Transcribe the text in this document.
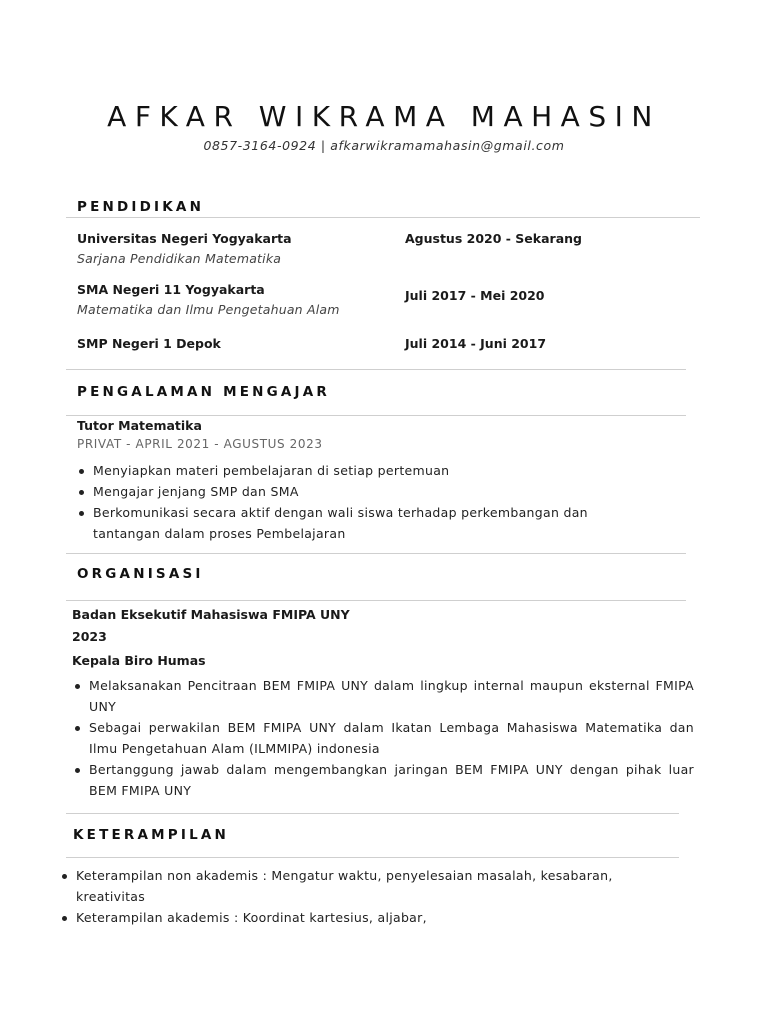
AFKAR WIKRAMA MAHASIN
0857-3164-0924 | afkarwikramamahasin@gmail.com
PENDIDIKAN
Universitas Negeri Yogyakarta
Sarjana Pendidikan Matematika
Agustus 2020 - Sekarang
SMA Negeri 11 Yogyakarta
Matematika dan Ilmu Pengetahuan Alam
Juli 2017 - Mei 2020
SMP Negeri 1 Depok	Juli 2014 - Juni 2017
PENGALAMAN MENGAJAR
Tutor Matematika
PRIVAT - APRIL 2021 - AGUSTUS 2023
Menyiapkan materi pembelajaran di setiap pertemuan
Mengajar jenjang SMP dan SMA
Berkomunikasi secara aktif dengan wali siswa terhadap perkembangan dan tantangan dalam proses Pembelajaran
ORGANISASI
Badan Eksekutif Mahasiswa FMIPA UNY
2023
Kepala Biro Humas
Melaksanakan Pencitraan BEM FMIPA UNY dalam lingkup internal maupun eksternal FMIPA UNY
Sebagai perwakilan BEM FMIPA UNY dalam Ikatan Lembaga Mahasiswa Matematika dan Ilmu Pengetahuan Alam (ILMMIPA) indonesia
Bertanggung jawab dalam mengembangkan jaringan BEM FMIPA UNY dengan pihak luar BEM FMIPA UNY
KETERAMPILAN
Keterampilan non akademis : Mengatur waktu, penyelesaian masalah, kesabaran, kreativitas
Keterampilan akademis : Koordinat kartesius, aljabar,
